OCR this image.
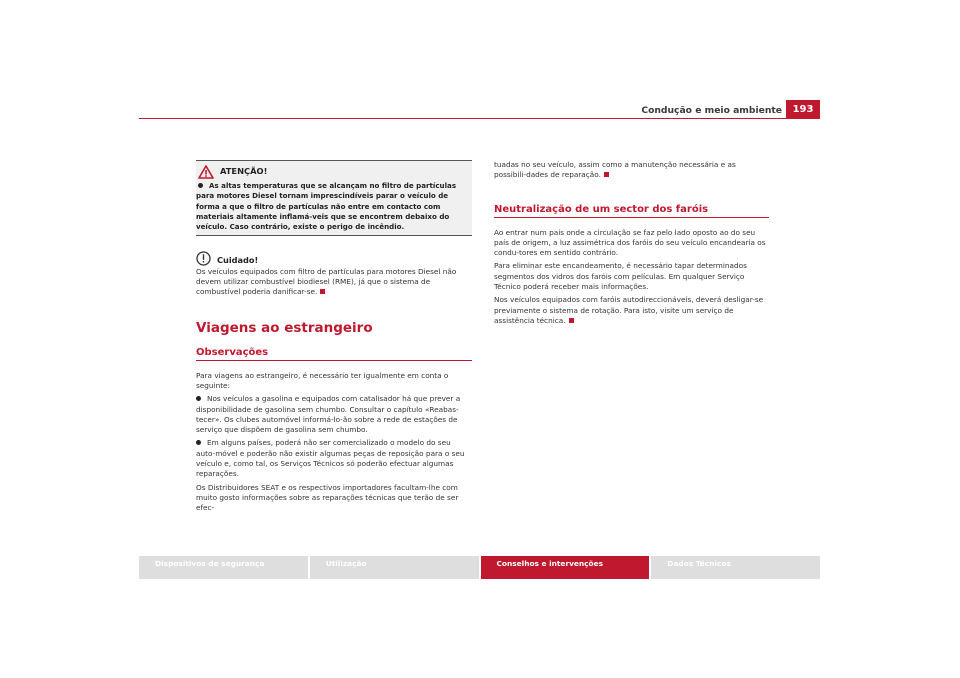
Condução e meio ambiente	193
ATENÇÃO!
As altas temperaturas que se alcançam no filtro de partículas para motores Diesel tornam imprescindíveis parar o veículo de forma a que o filtro de partículas não entre em contacto com materiais altamente inflamá-veis que se encontrem debaixo do veículo. Caso contrário, existe o perigo de incêndio.
Cuidado!

Os veículos equipados com filtro de partículas para motores Diesel não devem utilizar combustível biodiesel (RME), já que o sistema de combustível poderia danificar-se.

Viagens ao estrangeiro
Observações

Para viagens ao estrangeiro, é necessário ter igualmente em conta o seguinte:

Nos veículos a gasolina e equipados com catalisador há que prever a disponibilidade de gasolina sem chumbo. Consultar o capítulo «Reabas-tecer». Os clubes automóvel informá-lo-ão sobre a rede de estações de serviço que dispõem de gasolina sem chumbo.

Em alguns países, poderá não ser comercializado o modelo do seu auto-móvel e poderão não existir algumas peças de reposição para o seu veículo e, como tal, os Serviços Técnicos só poderão efectuar algumas reparações.

Os Distribuidores SEAT e os respectivos importadores facultam-lhe com muito gosto informações sobre as reparações técnicas que terão de ser efec-

tuadas no seu veículo, assim como a manutenção necessária e as possibili-dades de reparação.

Neutralização de um sector dos faróis

Ao entrar num país onde a circulação se faz pelo lado oposto ao do seu país de origem, a luz assimétrica dos faróis do seu veículo encandearia os condu-tores em sentido contrário.

Para eliminar este encandeamento, é necessário tapar determinados segmentos dos vidros dos faróis com películas. Em qualquer Serviço Técnico poderá receber mais informações.

Nos veículos equipados com faróis autodireccionáveis, deverá desligar-se previamente o sistema de rotação. Para isto, visite um serviço de assistência técnica.

Dispositivos de segurança	Utilização	Conselhos e intervenções	Dados Técnicos
